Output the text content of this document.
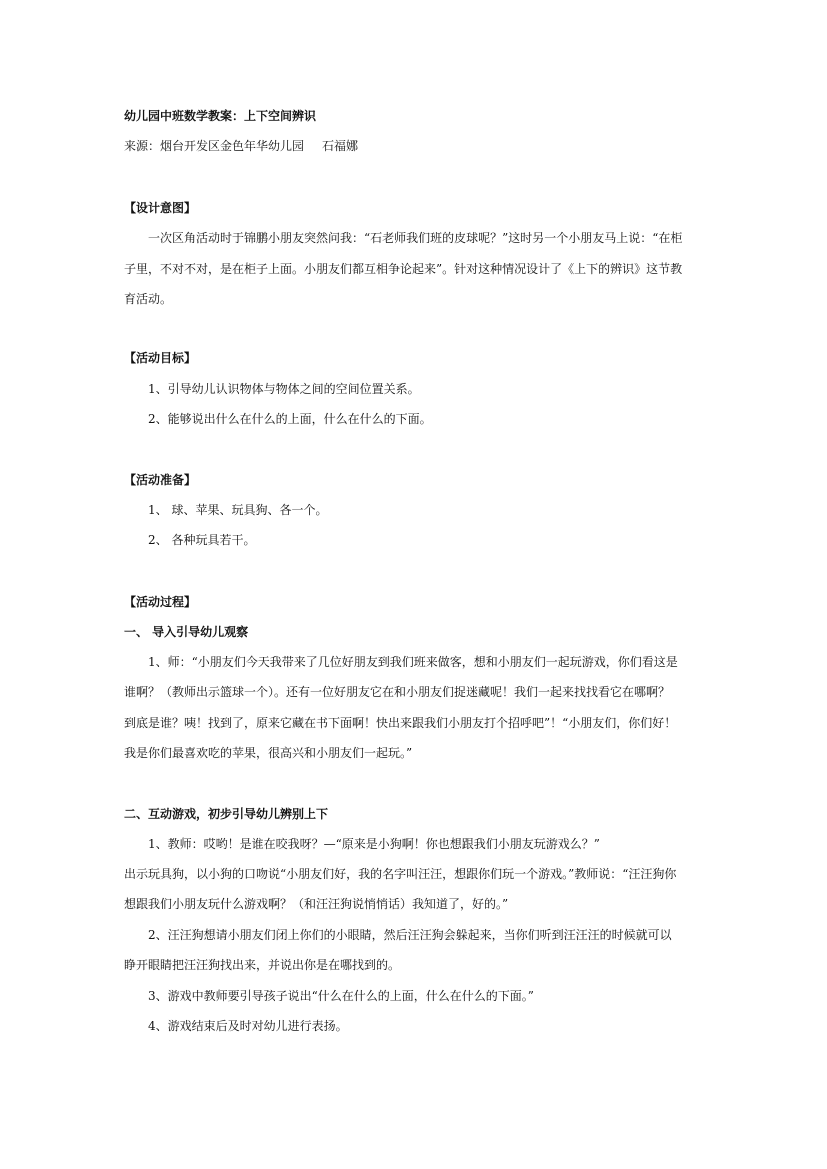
幼儿园中班数学教案：上下空间辨识
来源：烟台开发区金色年华幼儿园 石福娜
【设计意图】
一次区角活动时于锦鹏小朋友突然问我：“石老师我们班的皮球呢？”这时另一个小朋友马上说：“在柜
子里，不对不对，是在柜子上面。小朋友们都互相争论起来”。针对这种情况设计了《上下的辨识》这节教
育活动。
【活动目标】
1、引导幼儿认识物体与物体之间的空间位置关系。
2、能够说出什么在什么的上面，什么在什么的下面。
【活动准备】
1、 球、苹果、玩具狗、各一个。
2、 各种玩具若干。
【活动过程】
一、 导入引导幼儿观察
1、师：“小朋友们今天我带来了几位好朋友到我们班来做客，想和小朋友们一起玩游戏，你们看这是
谁啊？（教师出示篮球一个）。还有一位好朋友它在和小朋友们捉迷藏呢！我们一起来找找看它在哪啊？
到底是谁？咦！找到了，原来它藏在书下面啊！快出来跟我们小朋友打个招呼吧”！“小朋友们，你们好！
我是你们最喜欢吃的苹果，很高兴和小朋友们一起玩。”
二、互动游戏，初步引导幼儿辨别上下
1、教师：哎哟！是谁在咬我呀？—“原来是小狗啊！你也想跟我们小朋友玩游戏么？”
出示玩具狗，以小狗的口吻说“小朋友们好，我的名字叫汪汪，想跟你们玩一个游戏。”教师说：“汪汪狗你
想跟我们小朋友玩什么游戏啊？（和汪汪狗说悄悄话）我知道了，好的。”
2、汪汪狗想请小朋友们闭上你们的小眼睛，然后汪汪狗会躲起来，当你们听到汪汪汪的时候就可以
睁开眼睛把汪汪狗找出来，并说出你是在哪找到的。
3、游戏中教师要引导孩子说出“什么在什么的上面，什么在什么的下面。”
4、游戏结束后及时对幼儿进行表扬。
